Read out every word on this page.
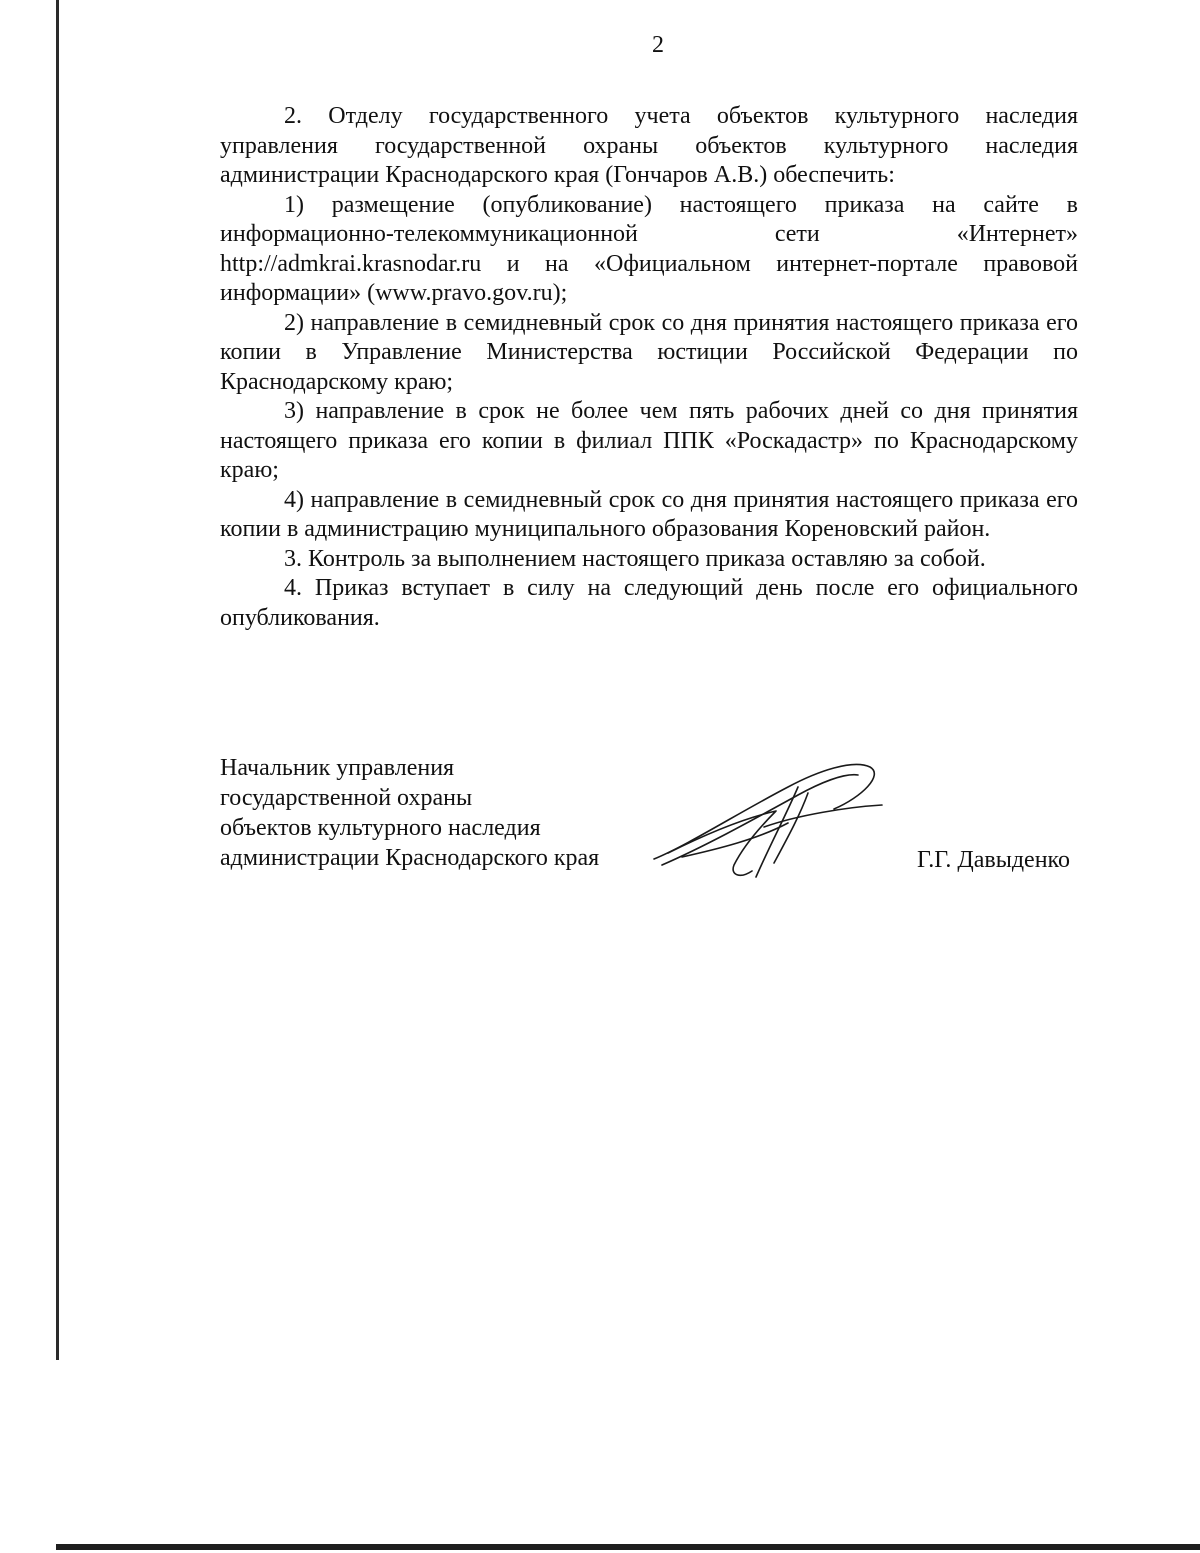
2

2. Отделу государственного учета объектов культурного наследия управления государственной охраны объектов культурного наследия администрации Краснодарского края (Гончаров А.В.) обеспечить:

1) размещение (опубликование) настоящего приказа на сайте в информационно-телекоммуникационной сети «Интернет» http://admkrai.krasnodar.ru и на «Официальном интернет-портале правовой информации» (www.pravo.gov.ru);

2) направление в семидневный срок со дня принятия настоящего приказа его копии в Управление Министерства юстиции Российской Федерации по Краснодарскому краю;

3) направление в срок не более чем пять рабочих дней со дня принятия настоящего приказа его копии в филиал ППК «Роскадастр» по Краснодарскому краю;

4) направление в семидневный срок со дня принятия настоящего приказа его копии в администрацию муниципального образования Кореновский район.

3. Контроль за выполнением настоящего приказа оставляю за собой.

4. Приказ вступает в силу на следующий день после его официального опубликования.

Начальник управления
государственной охраны
объектов культурного наследия
администрации Краснодарского края	Г.Г. Давыденко
